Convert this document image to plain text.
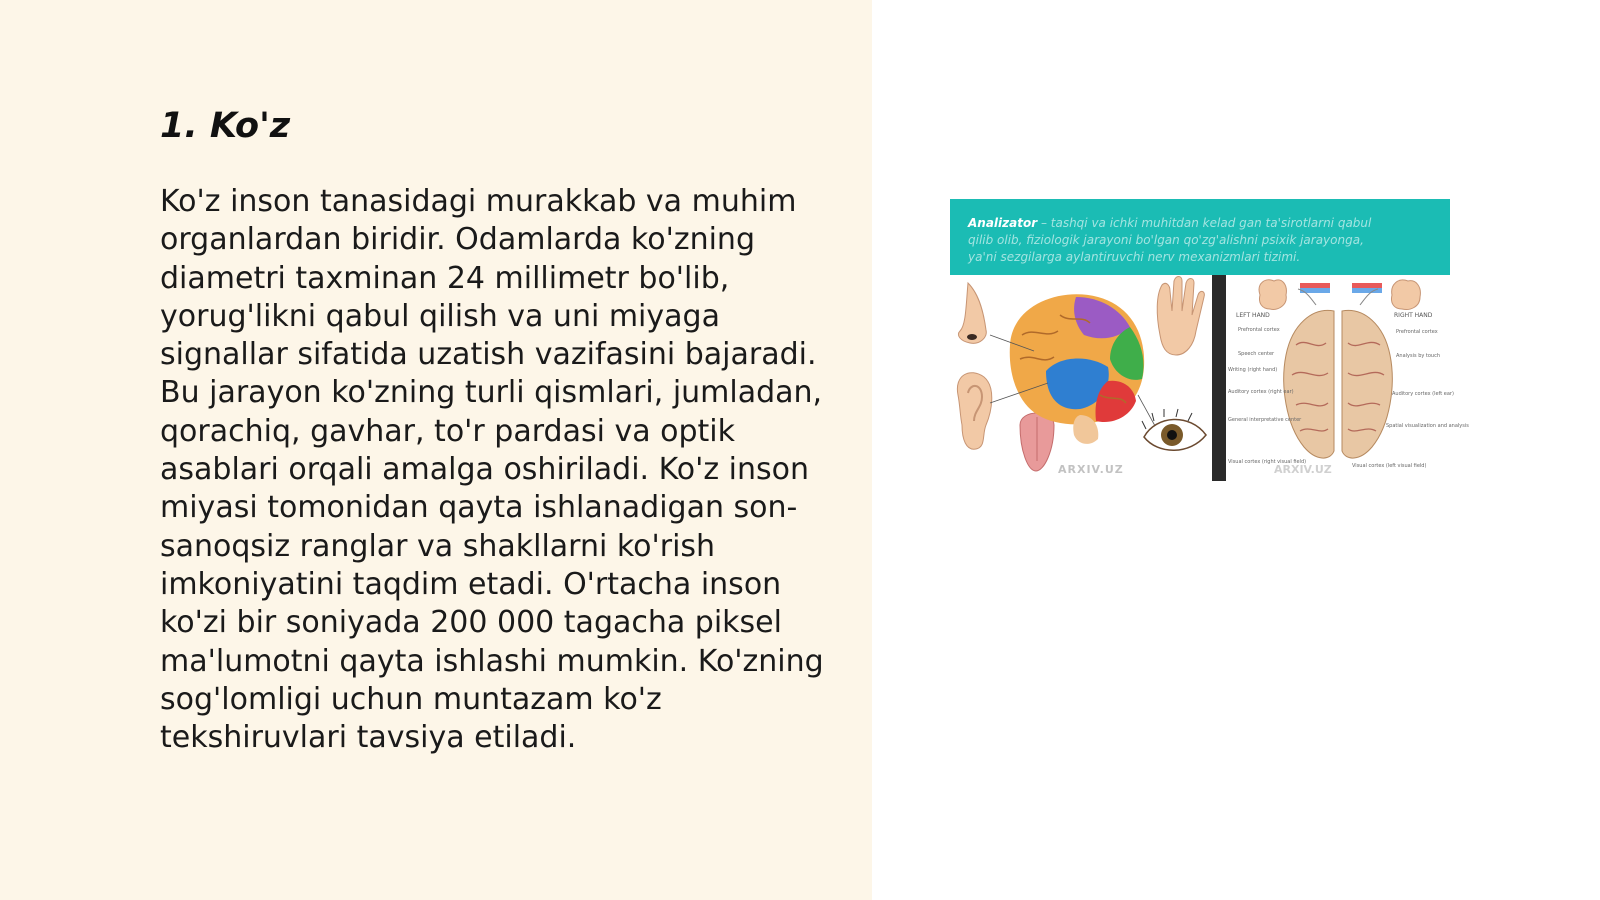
1. Ko'z

Ko'z inson tanasidagi murakkab va muhim organlardan biridir. Odamlarda ko'zning diametri taxminan 24 millimetr bo'lib, yorug'likni qabul qilish va uni miyaga signallar sifatida uzatish vazifasini bajaradi. Bu jarayon ko'zning turli qismlari, jumladan, qorachiq, gavhar, to'r pardasi va optik asablari orqali amalga oshiriladi. Ko'z inson miyasi tomonidan qayta ishlanadigan son-sanoqsiz ranglar va shakllarni ko'rish imkoniyatini taqdim etadi. O'rtacha inson ko'zi bir soniyada 200 000 tagacha piksel ma'lumotni qayta ishlashi mumkin. Ko'zning sog'lomligi uchun muntazam ko'z tekshiruvlari tavsiya etiladi.

Analizator – tashqi va ichki muhitdan kelad gan ta'sirotlarni qabul
qilib olib, fiziologik jarayoni bo'lgan qo'zg'alishni psixik jarayonga,
ya'ni sezgilarga aylantiruvchi nerv mexanizmlari tizimi.
ARXIV.UZ
LEFT HAND	RIGHT HAND
Prefrontal cortex
Speech center
Writing (right hand)
Auditory cortex (right ear)
General interpretative center
Visual cortex (right visual field)
Prefrontal cortex
Analysis by touch
Auditory cortex (left ear)
Spatial visualization and analysis
Visual cortex (left visual field)
ARXIV.UZ
